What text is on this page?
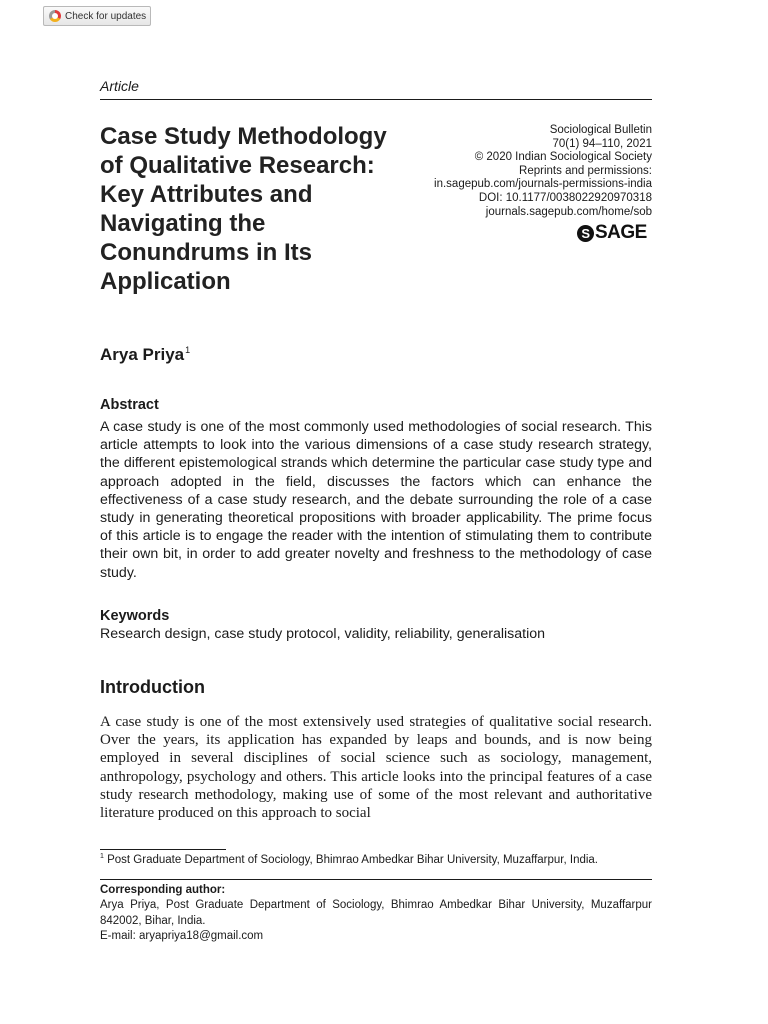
Check for updates
Article
Case Study Methodology
of Qualitative Research:
Key Attributes and
Navigating the
Conundrums in Its
Application
Sociological Bulletin
70(1) 94–110, 2021
© 2020 Indian Sociological Society
Reprints and permissions:
in.sagepub.com/journals-permissions-india
DOI: 10.1177/0038022920970318
journals.sagepub.com/home/sob
S SAGE
Arya Priya$^1$
Abstract
A case study is one of the most commonly used methodologies of social research. This article attempts to look into the various dimensions of a case study research strategy, the different epistemological strands which determine the particular case study type and approach adopted in the field, discusses the factors which can enhance the effectiveness of a case study research, and the debate surrounding the role of a case study in generating theoretical propositions with broader applicability. The prime focus of this article is to engage the reader with the intention of stimulating them to contribute their own bit, in order to add greater novelty and freshness to the methodology of case study.
Keywords
Research design, case study protocol, validity, reliability, generalisation
Introduction
A case study is one of the most extensively used strategies of qualitative social research. Over the years, its application has expanded by leaps and bounds, and is now being employed in several disciplines of social science such as sociology, management, anthropology, psychology and others. This article looks into the principal features of a case study research methodology, making use of some of the most relevant and authoritative literature produced on this approach to social
$^1$ Post Graduate Department of Sociology, Bhimrao Ambedkar Bihar University, Muzaffarpur, India.
Corresponding author:
Arya Priya, Post Graduate Department of Sociology, Bhimrao Ambedkar Bihar University, Muzaffarpur 842002, Bihar, India.
E-mail: aryapriya18@gmail.com
